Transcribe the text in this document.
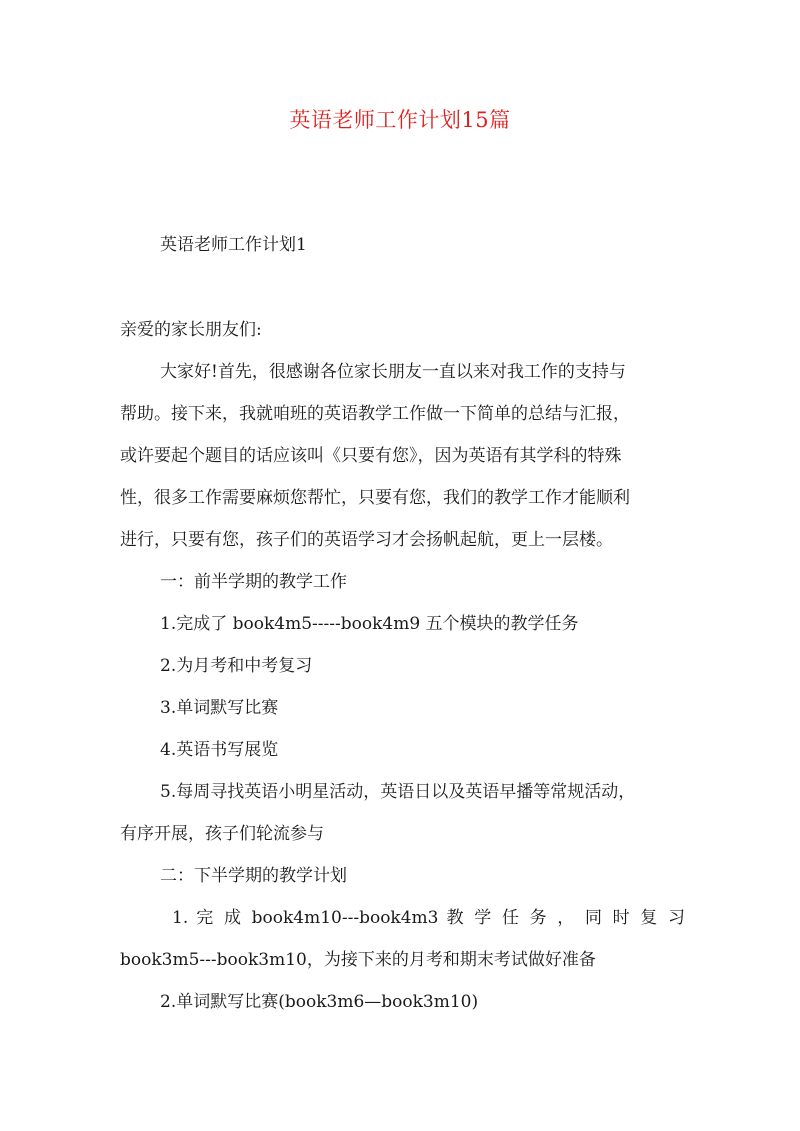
英语老师工作计划15篇
英语老师工作计划1
亲爱的家长朋友们:
大家好!首先，很感谢各位家长朋友一直以来对我工作的支持与
帮助。接下来，我就咱班的英语教学工作做一下简单的总结与汇报，
或许要起个题目的话应该叫《只要有您》，因为英语有其学科的特殊
性，很多工作需要麻烦您帮忙，只要有您，我们的教学工作才能顺利
进行，只要有您，孩子们的英语学习才会扬帆起航，更上一层楼。
一：前半学期的教学工作
1.完成了 book4m5-----book4m9 五个模块的教学任务
2.为月考和中考复习
3.单词默写比赛
4.英语书写展览
5.每周寻找英语小明星活动，英语日以及英语早播等常规活动，
有序开展，孩子们轮流参与
二：下半学期的教学计划
1. 完 成 book4m10---book4m3 教 学 任 务 ， 同 时 复 习
book3m5---book3m10，为接下来的月考和期末考试做好准备
2.单词默写比赛(book3m6—book3m10)
